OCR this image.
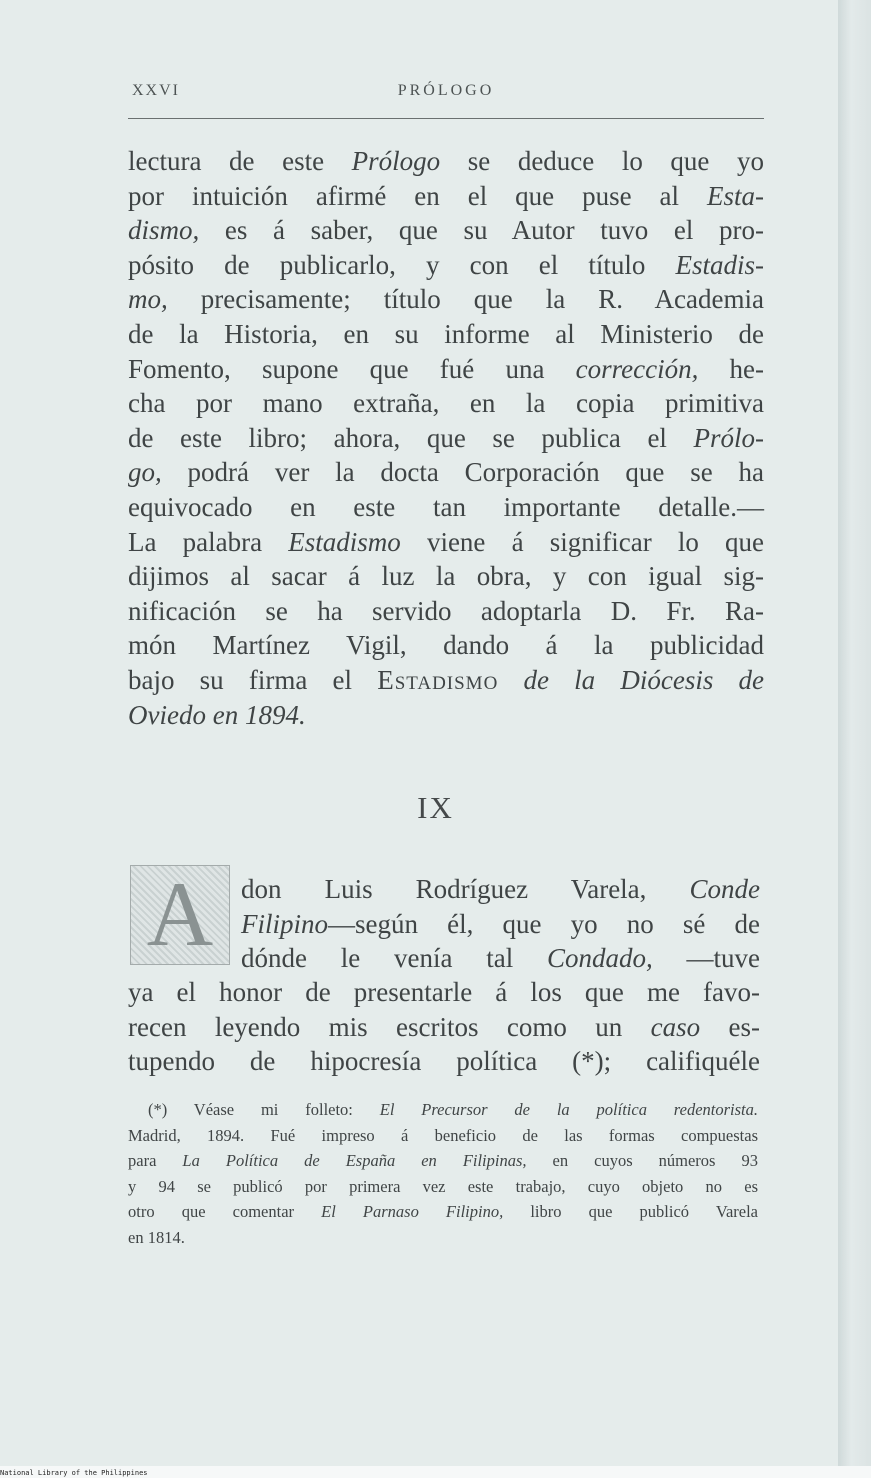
XXVI	PRÓLOGO
lectura de este Prólogo se deduce lo que yo
por intuición afirmé en el que puse al Esta-
dismo, es á saber, que su Autor tuvo el pro-
pósito de publicarlo, y con el título Estadis-
mo, precisamente; título que la R. Academia
de la Historia, en su informe al Ministerio de
Fomento, supone que fué una corrección, he-
cha por mano extraña, en la copia primitiva
de este libro; ahora, que se publica el Prólo-
go, podrá ver la docta Corporación que se ha
equivocado en este tan importante detalle.—
La palabra Estadismo viene á significar lo que
dijimos al sacar á luz la obra, y con igual sig-
nificación se ha servido adoptarla D. Fr. Ra-
món Martínez Vigil, dando á la publicidad
bajo su firma el Estadismo de la Diócesis de
Oviedo en 1894.
IX
A	don Luis Rodríguez Varela, Conde
Filipino—según él, que yo no sé de
dónde le venía tal Condado, —tuve
ya el honor de presentarle á los que me favo-
recen leyendo mis escritos como un caso es-
tupendo de hipocresía política (*); califiquéle
(*) Véase mi folleto: El Precursor de la política redentorista.
Madrid, 1894. Fué impreso á beneficio de las formas compuestas
para La Política de España en Filipinas, en cuyos números 93
y 94 se publicó por primera vez este trabajo, cuyo objeto no es
otro que comentar El Parnaso Filipino, libro que publicó Varela
en 1814.
National Library of the Philippines
